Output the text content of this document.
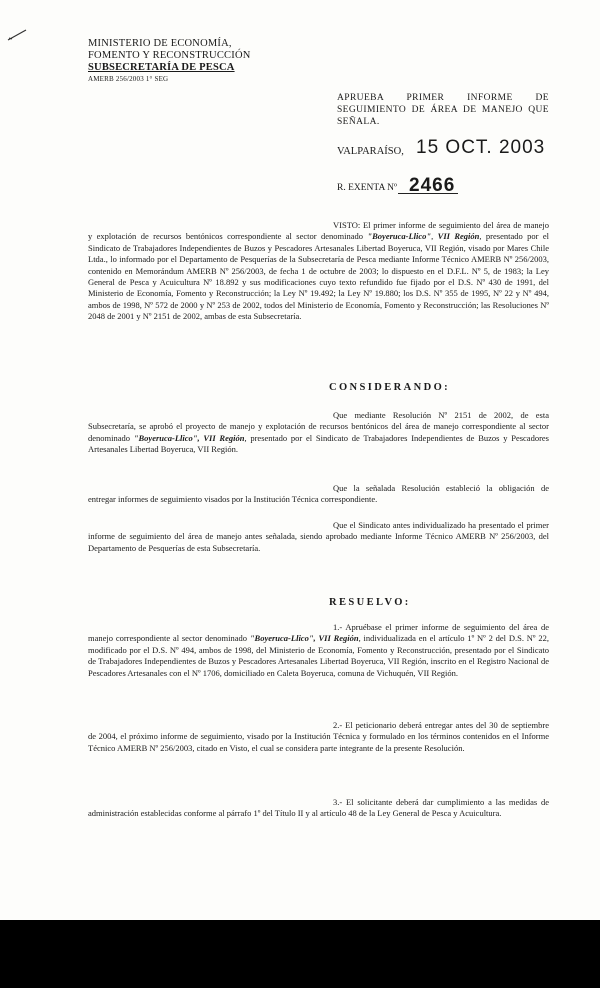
MINISTERIO DE ECONOMÍA,
FOMENTO Y RECONSTRUCCIÓN
SUBSECRETARÍA DE PESCA
AMERB 256/2003 1° SEG
APRUEBA PRIMER INFORME DE SEGUIMIENTO DE ÁREA DE MANEJO QUE SEÑALA.
VALPARAÍSO, 15 OCT. 2003
R. EXENTA Nº 2466
VISTO: El primer informe de seguimiento del área de manejo y explotación de recursos bentónicos correspondiente al sector denominado "Boyeruca-Llico", VII Región, presentado por el Sindicato de Trabajadores Independientes de Buzos y Pescadores Artesanales Libertad Boyeruca, VII Región, visado por Mares Chile Ltda., lo informado por el Departamento de Pesquerías de la Subsecretaría de Pesca mediante Informe Técnico AMERB Nº 256/2003, contenido en Memorándum AMERB Nº 256/2003, de fecha 1 de octubre de 2003; lo dispuesto en el D.F.L. Nº 5, de 1983; la Ley General de Pesca y Acuicultura Nº 18.892 y sus modificaciones cuyo texto refundido fue fijado por el D.S. Nº 430 de 1991, del Ministerio de Economía, Fomento y Reconstrucción; la Ley Nº 19.492; la Ley Nº 19.880; los D.S. Nº 355 de 1995, Nº 22 y Nº 494, ambos de 1998, Nº 572 de 2000 y Nº 253 de 2002, todos del Ministerio de Economía, Fomento y Reconstrucción; las Resoluciones Nº 2048 de 2001 y Nº 2151 de 2002, ambas de esta Subsecretaría.
CONSIDERANDO:
Que mediante Resolución Nº 2151 de 2002, de esta Subsecretaría, se aprobó el proyecto de manejo y explotación de recursos bentónicos del área de manejo correspondiente al sector denominado "Boyeruca-Llico", VII Región, presentado por el Sindicato de Trabajadores Independientes de Buzos y Pescadores Artesanales Libertad Boyeruca, VII Región.
Que la señalada Resolución estableció la obligación de entregar informes de seguimiento visados por la Institución Técnica correspondiente.
Que el Sindicato antes individualizado ha presentado el primer informe de seguimiento del área de manejo antes señalada, siendo aprobado mediante Informe Técnico AMERB Nº 256/2003, del Departamento de Pesquerías de esta Subsecretaría.
RESUELVO:
1.- Apruébase el primer informe de seguimiento del área de manejo correspondiente al sector denominado "Boyeruca-Llico", VII Región, individualizada en el artículo 1º Nº 2 del D.S. Nº 22, modificado por el D.S. Nº 494, ambos de 1998, del Ministerio de Economía, Fomento y Reconstrucción, presentado por el Sindicato de Trabajadores Independientes de Buzos y Pescadores Artesanales Libertad Boyeruca, VII Región, inscrito en el Registro Nacional de Pescadores Artesanales con el Nº 1706, domiciliado en Caleta Boyeruca, comuna de Vichuquén, VII Región.
2.- El peticionario deberá entregar antes del 30 de septiembre de 2004, el próximo informe de seguimiento, visado por la Institución Técnica y formulado en los términos contenidos en el Informe Técnico AMERB Nº 256/2003, citado en Visto, el cual se considera parte integrante de la presente Resolución.
3.- El solicitante deberá dar cumplimiento a las medidas de administración establecidas conforme al párrafo 1º del Título II y al artículo 48 de la Ley General de Pesca y Acuicultura.
